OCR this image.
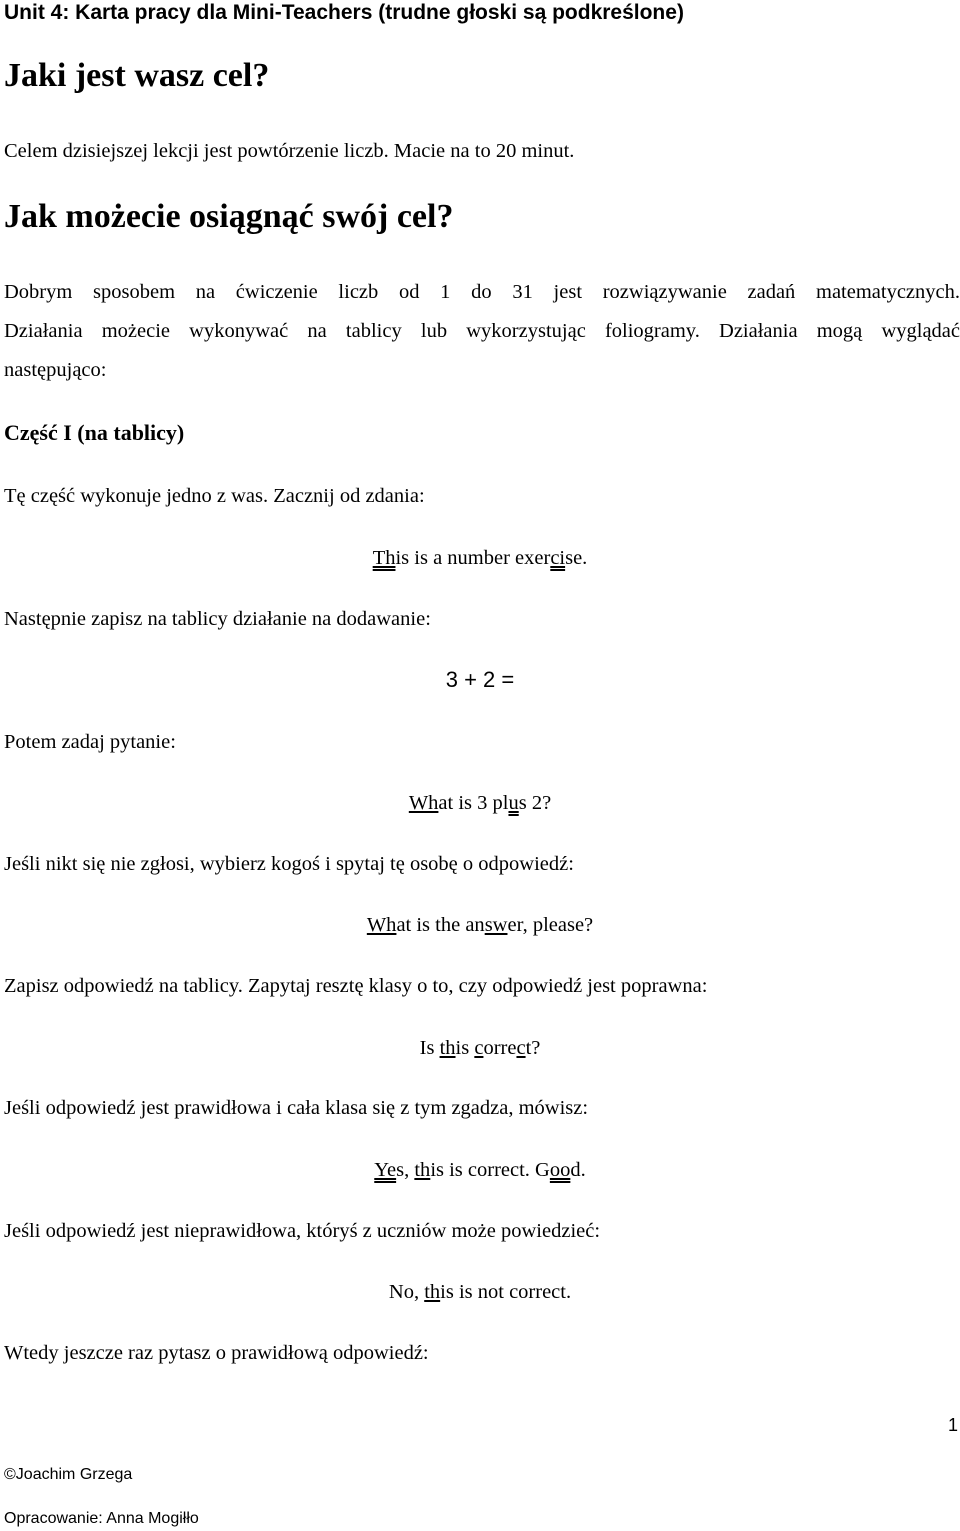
Unit 4: Karta pracy dla Mini-Teachers (trudne głoski są podkreślone)
Jaki jest wasz cel?
Celem dzisiejszej lekcji jest powtórzenie liczb. Macie na to 20 minut.
Jak możecie osiągnąć swój cel?
Dobrym sposobem na ćwiczenie liczb od 1 do 31 jest rozwiązywanie zadań matematycznych.
Działania możecie wykonywać na tablicy lub wykorzystując foliogramy. Działania mogą wyglądać
następująco:
Część I (na tablicy)
Tę część wykonuje jedno z was. Zacznij od zdania:
This is a number exercise.
Następnie zapisz na tablicy działanie na dodawanie:
3 + 2 =
Potem zadaj pytanie:
What is 3 plus 2?
Jeśli nikt się nie zgłosi, wybierz kogoś i spytaj tę osobę o odpowiedź:
What is the answer, please?
Zapisz odpowiedź na tablicy. Zapytaj resztę klasy o to, czy odpowiedź jest poprawna:
Is this correct?
Jeśli odpowiedź jest prawidłowa i cała klasa się z tym zgadza, mówisz:
Yes, this is correct. Good.
Jeśli odpowiedź jest nieprawidłowa, któryś z uczniów może powiedzieć:
No, this is not correct.
Wtedy jeszcze raz pytasz o prawidłową odpowiedź:
1
©Joachim Grzega
Opracowanie: Anna Mogiłło
